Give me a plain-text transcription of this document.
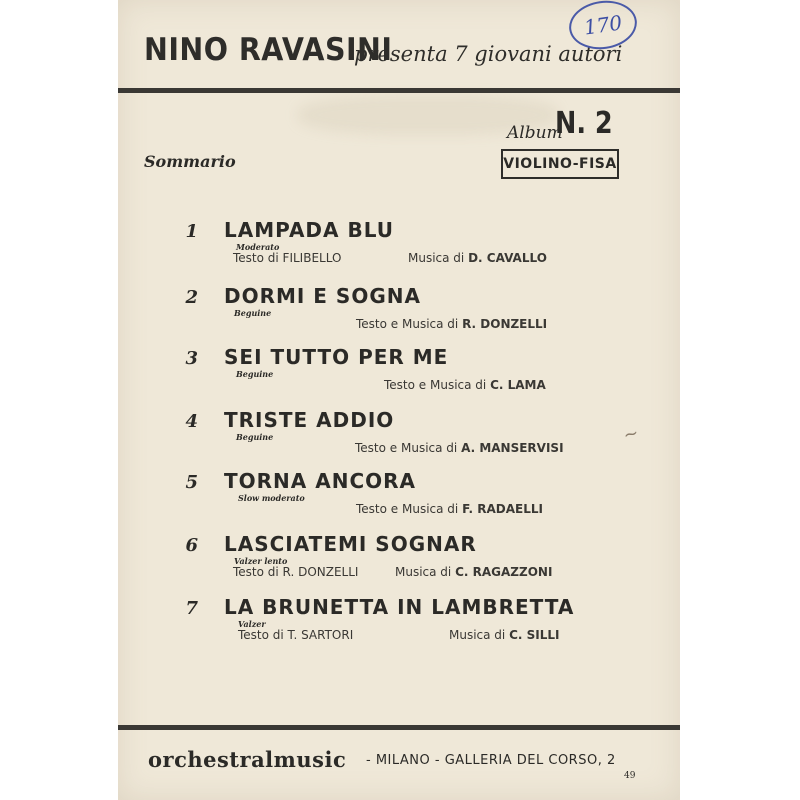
NINO RAVASINI
presenta 7 giovani autori
170
Album
N. 2
VIOLINO-FISA
Sommario
~
1 LAMPADA BLU
Moderato
Testo di FILIBELLO	Musica di D. CAVALLO
2 DORMI E SOGNA
Beguine
Testo e Musica di R. DONZELLI
3 SEI TUTTO PER ME
Beguine
Testo e Musica di C. LAMA
4 TRISTE ADDIO
Beguine
Testo e Musica di A. MANSERVISI
5 TORNA ANCORA
Slow moderato
Testo e Musica di F. RADAELLI
6 LASCIATEMI SOGNAR
Valzer lento
Testo di R. DONZELLI	Musica di C. RAGAZZONI
7 LA BRUNETTA IN LAMBRETTA
Valzer
Testo di T. SARTORI	Musica di C. SILLI
orchestralmusic - MILANO - GALLERIA DEL CORSO, 2
49
